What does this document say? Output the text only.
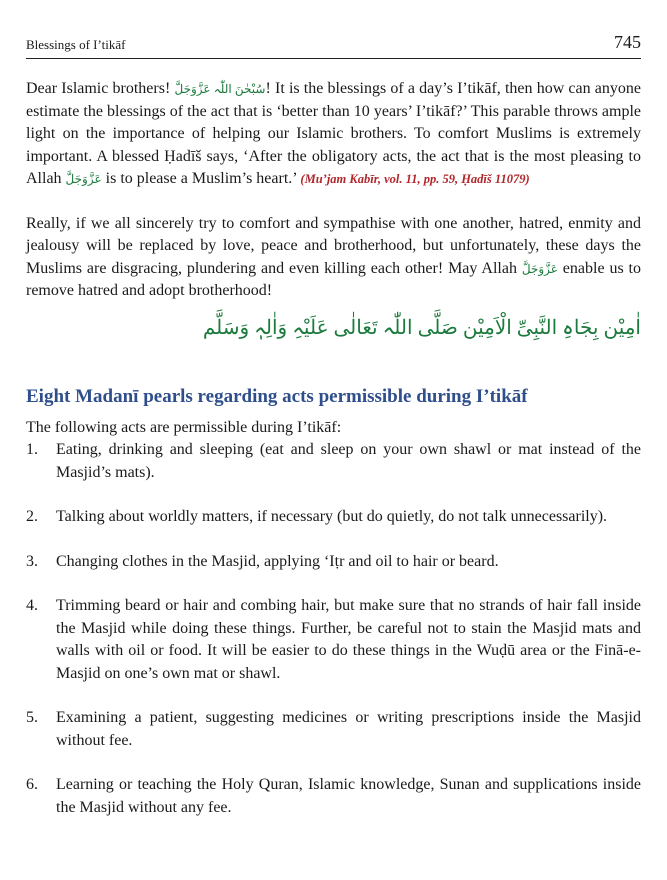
Blessings of I’tikāf	745

Dear Islamic brothers! سُبْحٰنَ اللّٰہ عَزَّوَجَلَّ! It is the blessings of a day’s I’tikāf, then how can anyone estimate the blessings of the act that is ‘better than 10 years’ I’tikāf?’ This parable throws ample light on the importance of helping our Islamic brothers. To comfort Muslims is extremely important. A blessed Ḥadīš says, ‘After the obligatory acts, the act that is the most pleasing to Allah عَزَّوَجَلَّ is to please a Muslim’s heart.’ (Mu’jam Kabīr, vol. 11, pp. 59, Ḥadīš 11079)

Really, if we all sincerely try to comfort and sympathise with one another, hatred, enmity and jealousy will be replaced by love, peace and brotherhood, but unfortunately, these days the Muslims are disgracing, plundering and even killing each other! May Allah عَزَّوَجَلَّ enable us to remove hatred and adopt brotherhood!

اٰمِیْن بِجَاہِ النَّبِیِّ الْاَمِیْن صَلَّی اللّٰہ تَعَالٰی عَلَیْہِ وَاٰلِہٖ وَسَلَّم
Eight Madanī pearls regarding acts permissible during I’tikāf

The following acts are permissible during I’tikāf:

1. Eating, drinking and sleeping (eat and sleep on your own shawl or mat instead of the Masjid’s mats).
2. Talking about worldly matters, if necessary (but do quietly, do not talk unnecessarily).
3. Changing clothes in the Masjid, applying ‘Iṭr and oil to hair or beard.
4. Trimming beard or hair and combing hair, but make sure that no strands of hair fall inside the Masjid while doing these things. Further, be careful not to stain the Masjid mats and walls with oil or food. It will be easier to do these things in the Wuḍū area or the Finā-e-Masjid on one’s own mat or shawl.
5. Examining a patient, suggesting medicines or writing prescriptions inside the Masjid without fee.
6. Learning or teaching the Holy Quran, Islamic knowledge, Sunan and supplications inside the Masjid without any fee.
